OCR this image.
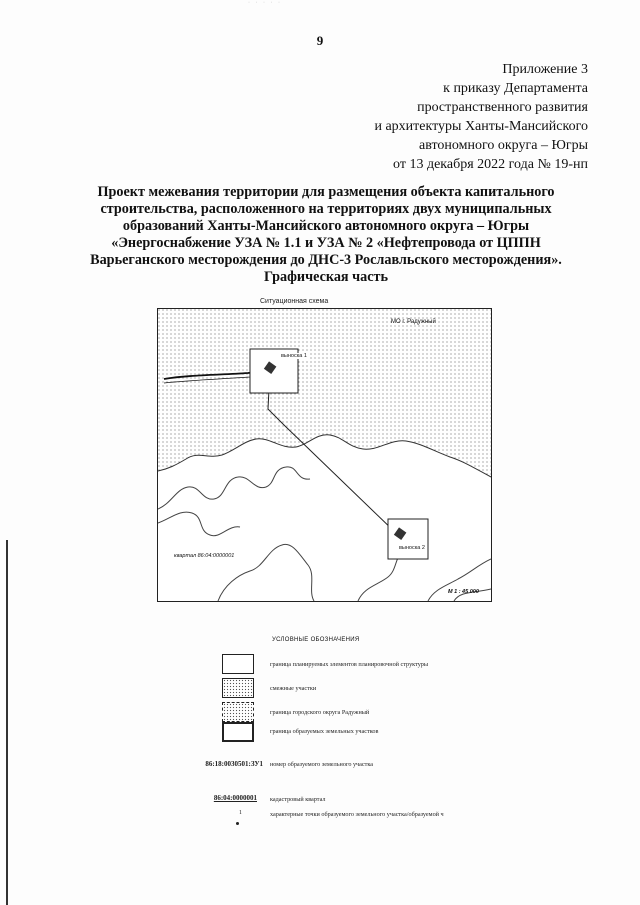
· · · · ·
9
Приложение 3
к приказу Департамента
пространственного развития
и архитектуры Ханты-Мансийского
автономного округа – Югры
от 13 декабря 2022 года № 19-нп
Проект межевания территории для размещения объекта капитального
строительства, расположенного на территориях двух муниципальных
образований Ханты-Мансийского автономного округа – Югры
«Энергоснабжение УЗА № 1.1 и УЗА № 2 «Нефтепровода от ЦППН
Варьеганского месторождения до ДНС-3 Рославльского месторождения».
Графическая часть
Ситуационная схема
МО г. Радужный
выноска 1
выноска 2
квартал 86:04:0000001
М 1 : 45 000
УСЛОВНЫЕ ОБОЗНАЧЕНИЯ
граница планируемых элементов планировочной структуры
смежные участки
граница городского округа Радужный
граница образуемых земельных участков
86:18:0030501:ЗУ1 номер образуемого земельного участка
86:04:0000001 кадастровый квартал
1	характерные точки образуемого земельного участка/образуемой ч
